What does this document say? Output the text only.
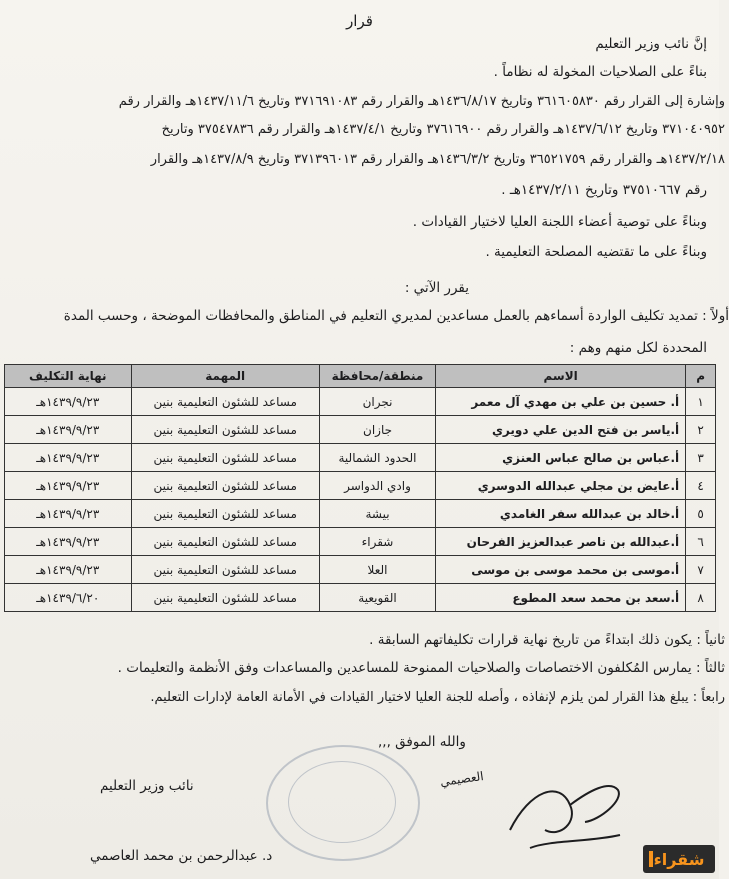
قرار
إنَّ نائب وزير التعليم
بناءً على الصلاحيات المخولة له نظاماً .
وإشارة إلى القرار رقم ٣٦١٦٠٥٨٣٠ وتاريخ ١٤٣٦/٨/١٧هـ والقرار رقم ٣٧١٦٩١٠٨٣ وتاريخ ١٤٣٧/١١/٦هـ والقرار رقم
٣٧١٠٤٠٩٥٢ وتاريخ ١٤٣٧/٦/١٢هـ والقرار رقم ٣٧٦١٦٩٠٠ وتاريخ ١٤٣٧/٤/١هـ والقرار رقم ٣٧٥٤٧٨٣٦ وتاريخ
١٤٣٧/٢/١٨هـ والقرار رقم ٣٦٥٢١٧٥٩ وتاريخ ١٤٣٦/٣/٢هـ والقرار رقم ٣٧١٣٩٦٠١٣ وتاريخ ١٤٣٧/٨/٩هـ والقرار
رقم ٣٧٥١٠٦٦٧ وتاريخ ١٤٣٧/٢/١١هـ .
وبناءً على توصية أعضاء اللجنة العليا لاختيار القيادات .
وبناءً على ما تقتضيه المصلحة التعليمية .
يقرر الآتي :
أولاً : تمديد تكليف الواردة أسماءهم بالعمل مساعدين لمديري التعليم في المناطق والمحافظات الموضحة ، وحسب المدة
المحددة لكل منهم وهم :
م	الاسم	منطقة/محافظة	المهمة	نهاية التكليف
١	أ. حسين بن علي بن مهدي آل معمر	نجران	مساعد للشئون التعليمية بنين	١٤٣٩/٩/٢٣هـ
٢	أ.ياسر بن فتح الدين علي دويري	جازان	مساعد للشئون التعليمية بنين	١٤٣٩/٩/٢٣هـ
٣	أ.عباس بن صالح عباس العنزي	الحدود الشمالية	مساعد للشئون التعليمية بنين	١٤٣٩/٩/٢٣هـ
٤	أ.عايض بن مجلي عبدالله الدوسري	وادي الدواسر	مساعد للشئون التعليمية بنين	١٤٣٩/٩/٢٣هـ
٥	أ.خالد بن عبدالله سفر الغامدي	بيشة	مساعد للشئون التعليمية بنين	١٤٣٩/٩/٢٣هـ
٦	أ.عبدالله بن ناصر عبدالعزيز الفرحان	شقراء	مساعد للشئون التعليمية بنين	١٤٣٩/٩/٢٣هـ
٧	أ.موسى بن محمد موسى بن موسى	العلا	مساعد للشئون التعليمية بنين	١٤٣٩/٩/٢٣هـ
٨	أ.سعد بن محمد سعد المطوع	القويعية	مساعد للشئون التعليمية بنين	١٤٣٩/٦/٢٠هـ
ثانياً : يكون ذلك ابتداءً من تاريخ نهاية قرارات تكليفاتهم السابقة .
ثالثاً : يمارس المُكلفون الاختصاصات والصلاحيات الممنوحة للمساعدين والمساعدات وفق الأنظمة والتعليمات .
رابعاً : يبلغ هذا القرار لمن يلزم لإنفاذه ، وأصله للجنة العليا لاختيار القيادات في الأمانة العامة لإدارات التعليم.
والله الموفق ,,,
العصيمي
نائب وزير التعليم
د. عبدالرحمن بن محمد العاصمي	شقراء
